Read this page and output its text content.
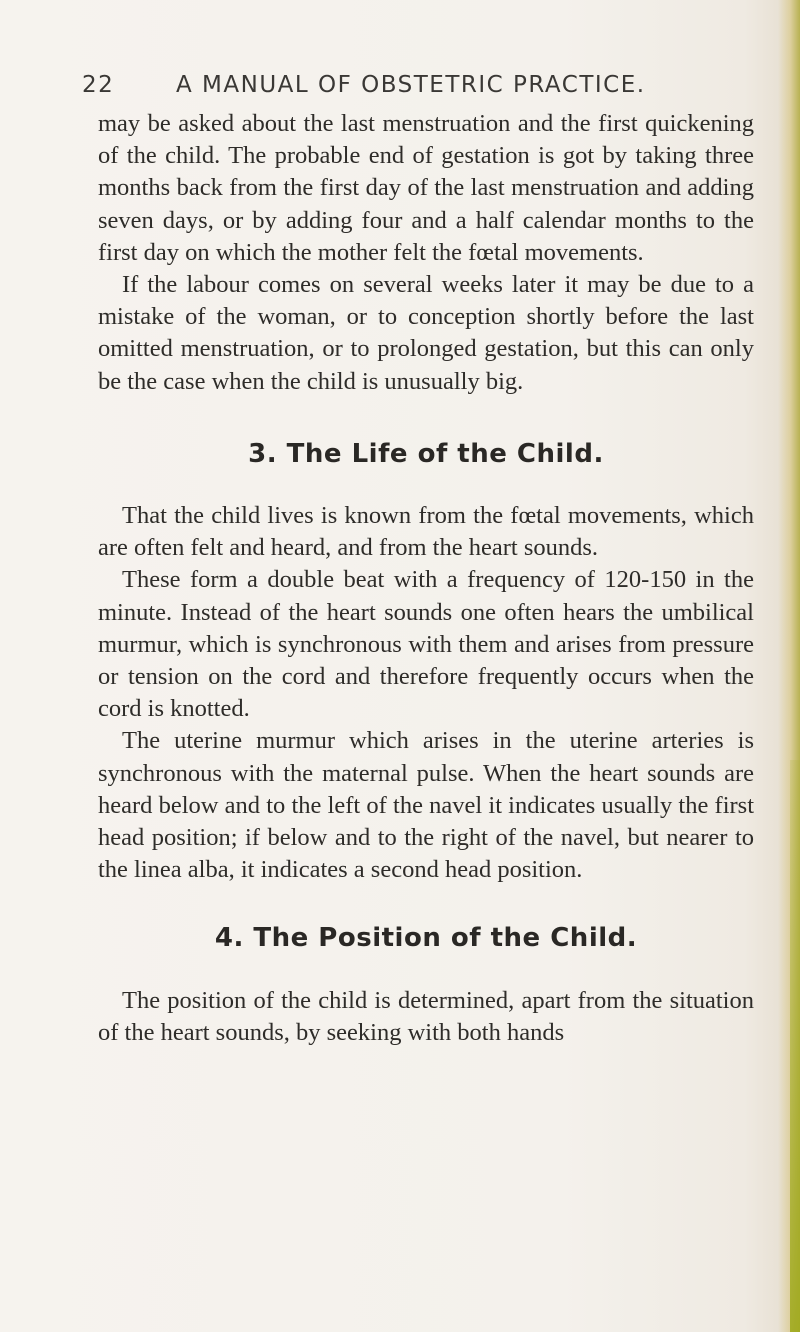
22	A MANUAL OF OBSTETRIC PRACTICE.

may be asked about the last menstruation and the first quickening of the child. The probable end of gestation is got by taking three months back from the first day of the last menstruation and adding seven days, or by adding four and a half calendar months to the first day on which the mother felt the fœtal movements.

If the labour comes on several weeks later it may be due to a mistake of the woman, or to conception shortly before the last omitted menstruation, or to prolonged gestation, but this can only be the case when the child is unusually big.

3. The Life of the Child.

That the child lives is known from the fœtal movements, which are often felt and heard, and from the heart sounds.

These form a double beat with a frequency of 120-150 in the minute. Instead of the heart sounds one often hears the umbilical murmur, which is synchronous with them and arises from pressure or tension on the cord and therefore frequently occurs when the cord is knotted.

The uterine murmur which arises in the uterine arteries is synchronous with the maternal pulse. When the heart sounds are heard below and to the left of the navel it indicates usually the first head position; if below and to the right of the navel, but nearer to the linea alba, it indicates a second head position.

4. The Position of the Child.

The position of the child is determined, apart from the situation of the heart sounds, by seeking with both hands
